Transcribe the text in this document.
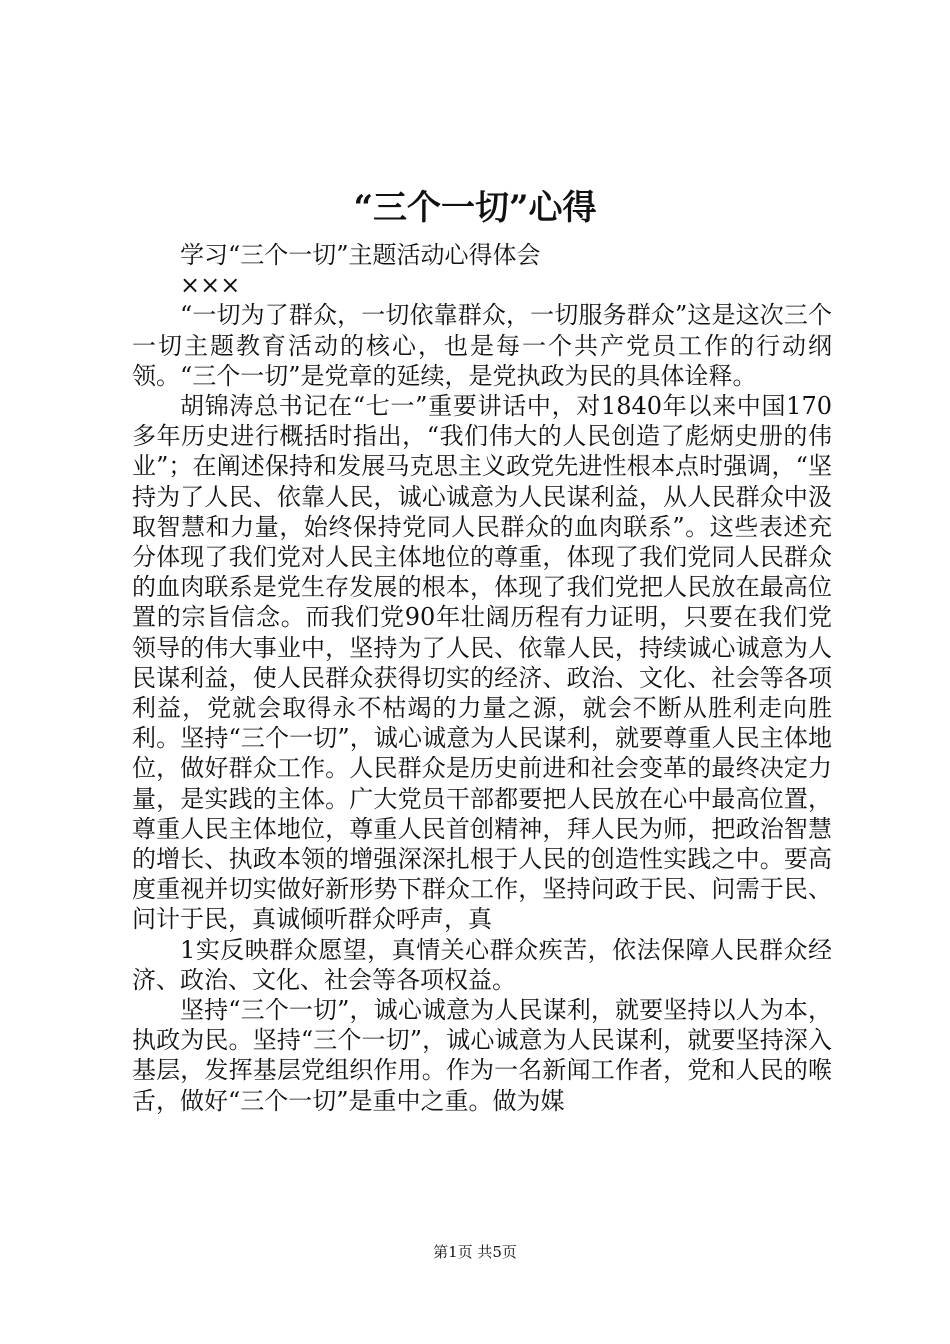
“三个一切”心得

学习“三个一切”主题活动心得体会

×××

“一切为了群众，一切依靠群众，一切服务群众”这是这次三个一切主题教育活动的核心，也是每一个共产党员工作的行动纲领。“三个一切”是党章的延续，是党执政为民的具体诠释。

胡锦涛总书记在“七一”重要讲话中，对1840年以来中国170多年历史进行概括时指出，“我们伟大的人民创造了彪炳史册的伟业”；在阐述保持和发展马克思主义政党先进性根本点时强调，“坚持为了人民、依靠人民，诚心诚意为人民谋利益，从人民群众中汲取智慧和力量，始终保持党同人民群众的血肉联系”。这些表述充分体现了我们党对人民主体地位的尊重，体现了我们党同人民群众的血肉联系是党生存发展的根本，体现了我们党把人民放在最高位置的宗旨信念。而我们党90年壮阔历程有力证明，只要在我们党领导的伟大事业中，坚持为了人民、依靠人民，持续诚心诚意为人民谋利益，使人民群众获得切实的经济、政治、文化、社会等各项利益，党就会取得永不枯竭的力量之源，就会不断从胜利走向胜利。坚持“三个一切”，诚心诚意为人民谋利，就要尊重人民主体地位，做好群众工作。人民群众是历史前进和社会变革的最终决定力量，是实践的主体。广大党员干部都要把人民放在心中最高位置，尊重人民主体地位，尊重人民首创精神，拜人民为师，把政治智慧的增长、执政本领的增强深深扎根于人民的创造性实践之中。要高度重视并切实做好新形势下群众工作，坚持问政于民、问需于民、问计于民，真诚倾听群众呼声，真

1实反映群众愿望，真情关心群众疾苦，依法保障人民群众经济、政治、文化、社会等各项权益。

坚持“三个一切”，诚心诚意为人民谋利，就要坚持以人为本，执政为民。坚持“三个一切”，诚心诚意为人民谋利，就要坚持深入基层，发挥基层党组织作用。作为一名新闻工作者，党和人民的喉舌，做好“三个一切”是重中之重。做为媒

第1页 共5页
